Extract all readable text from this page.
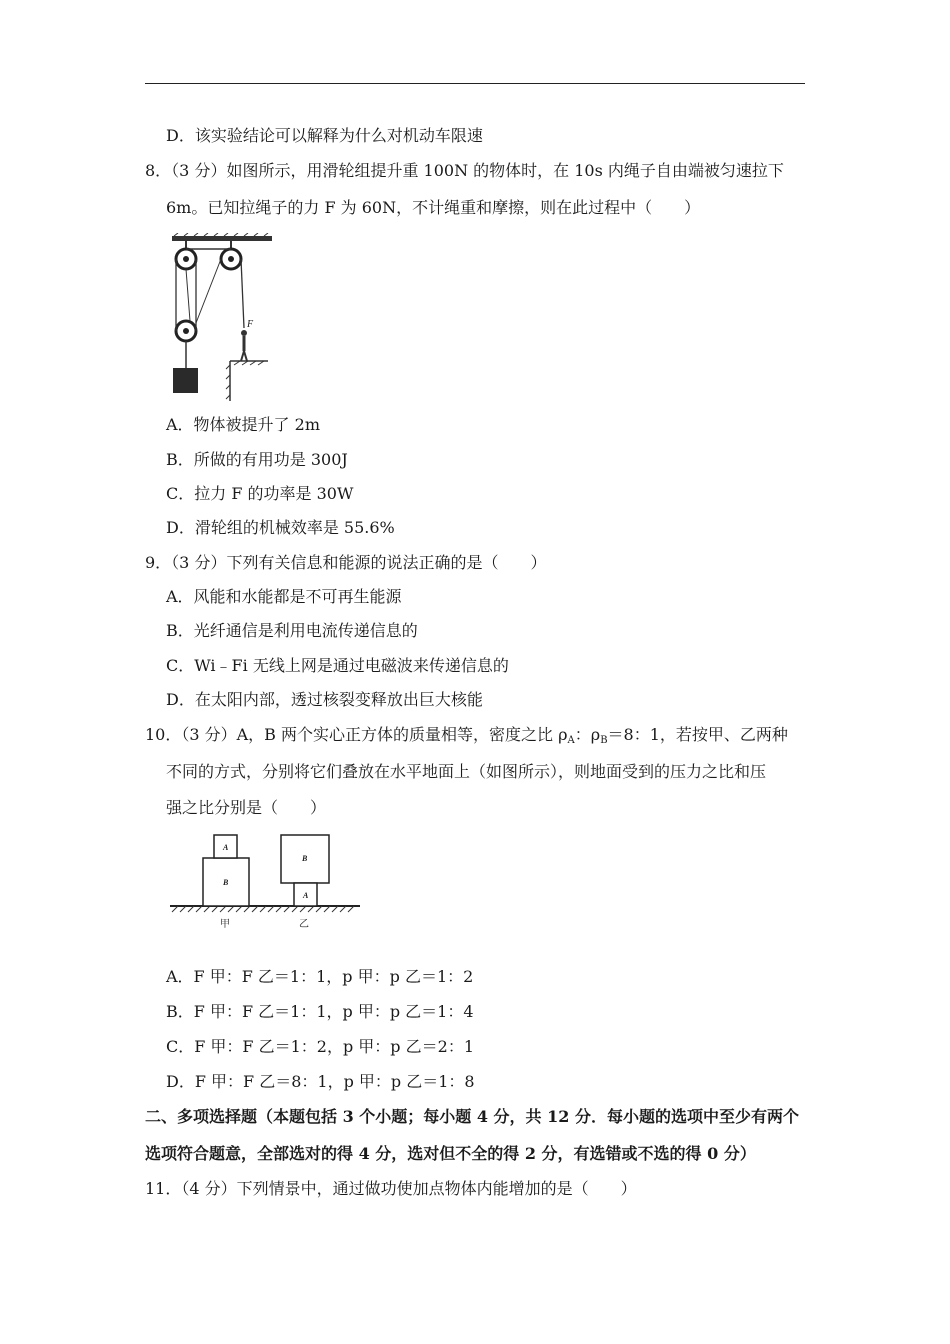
D．该实验结论可以解释为什么对机动车限速
8．（3 分）如图所示，用滑轮组提升重 100N 的物体时，在 10s 内绳子自由端被匀速拉下
6m。已知拉绳子的力 F 为 60N，不计绳重和摩擦，则在此过程中（　　）
F
A．物体被提升了 2m
B．所做的有用功是 300J
C．拉力 F 的功率是 30W
D．滑轮组的机械效率是 55.6%
9．（3 分）下列有关信息和能源的说法正确的是（　　）
A．风能和水能都是不可再生能源
B．光纤通信是利用电流传递信息的
C．Wi﹣Fi 无线上网是通过电磁波来传递信息的
D．在太阳内部，透过核裂变释放出巨大核能
10．（3 分）A，B 两个实心正方体的质量相等，密度之比 $\rho_A$：$\rho_B=8$：1，若按甲、乙两种
不同的方式，分别将它们叠放在水平地面上（如图所示），则地面受到的压力之比和压
强之比分别是（　　）
A
B
B
A
甲	乙
A．F 甲：F 乙＝1：1，p 甲：p 乙＝1：2
B．F 甲：F 乙＝1：1，p 甲：p 乙＝1：4
C．F 甲：F 乙＝1：2，p 甲：p 乙＝2：1
D．F 甲：F 乙＝8：1，p 甲：p 乙＝1：8
二、多项选择题（本题包括 3 个小题；每小题 4 分，共 12 分．每小题的选项中至少有两个
选项符合题意，全部选对的得 4 分，选对但不全的得 2 分，有选错或不选的得 0 分）
11．（4 分）下列情景中，通过做功使加点物体内能增加的是（　　）
